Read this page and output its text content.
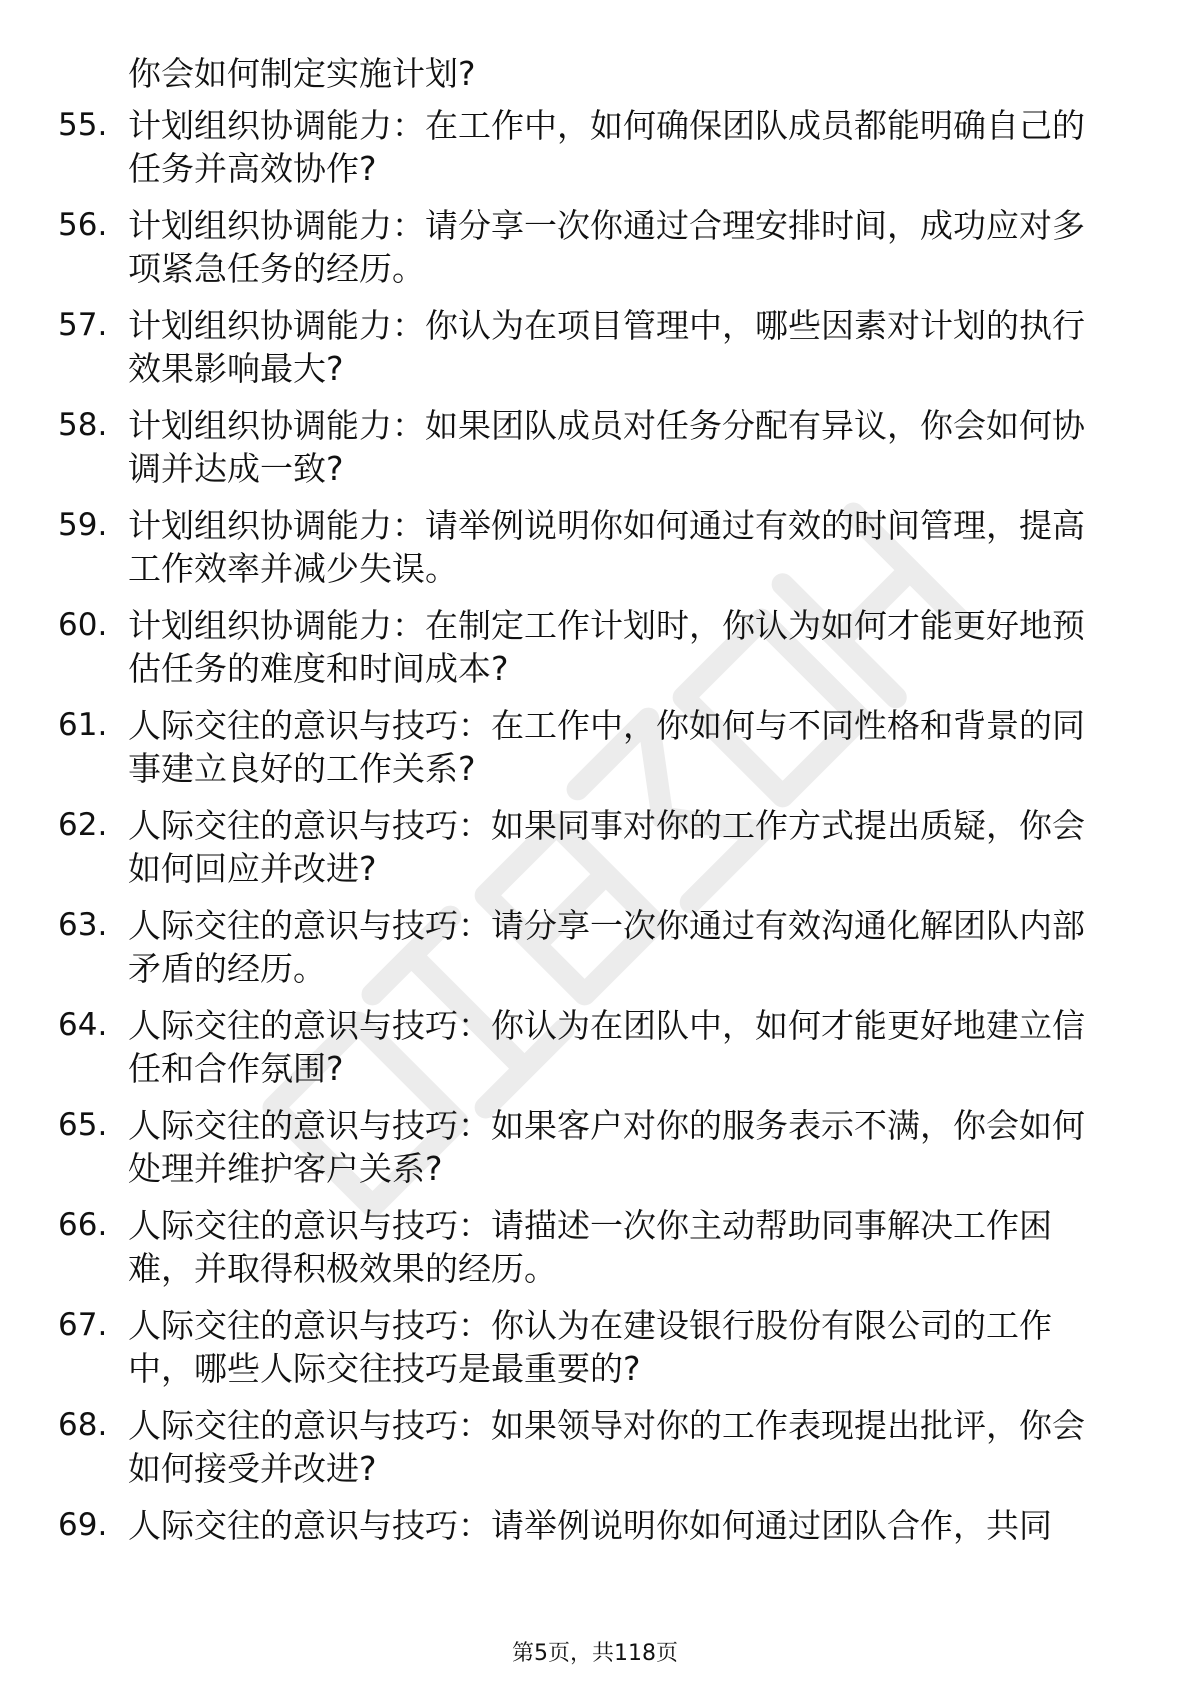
你会如何制定实施计划?

55. 计划组织协调能力：在工作中，如何确保团队成员都能明确自己的任务并高效协作?
56. 计划组织协调能力：请分享一次你通过合理安排时间，成功应对多项紧急任务的经历。
57. 计划组织协调能力：你认为在项目管理中，哪些因素对计划的执行效果影响最大?
58. 计划组织协调能力：如果团队成员对任务分配有异议，你会如何协调并达成一致?
59. 计划组织协调能力：请举例说明你如何通过有效的时间管理，提高工作效率并减少失误。
60. 计划组织协调能力：在制定工作计划时，你认为如何才能更好地预估任务的难度和时间成本?
61. 人际交往的意识与技巧：在工作中，你如何与不同性格和背景的同事建立良好的工作关系?
62. 人际交往的意识与技巧：如果同事对你的工作方式提出质疑，你会如何回应并改进?
63. 人际交往的意识与技巧：请分享一次你通过有效沟通化解团队内部矛盾的经历。
64. 人际交往的意识与技巧：你认为在团队中，如何才能更好地建立信任和合作氛围?
65. 人际交往的意识与技巧：如果客户对你的服务表示不满，你会如何处理并维护客户关系?
66. 人际交往的意识与技巧：请描述一次你主动帮助同事解决工作困难，并取得积极效果的经历。
67. 人际交往的意识与技巧：你认为在建设银行股份有限公司的工作中，哪些人际交往技巧是最重要的?
68. 人际交往的意识与技巧：如果领导对你的工作表现提出批评，你会如何接受并改进?
69. 人际交往的意识与技巧：请举例说明你如何通过团队合作，共同
第5页，共118页
